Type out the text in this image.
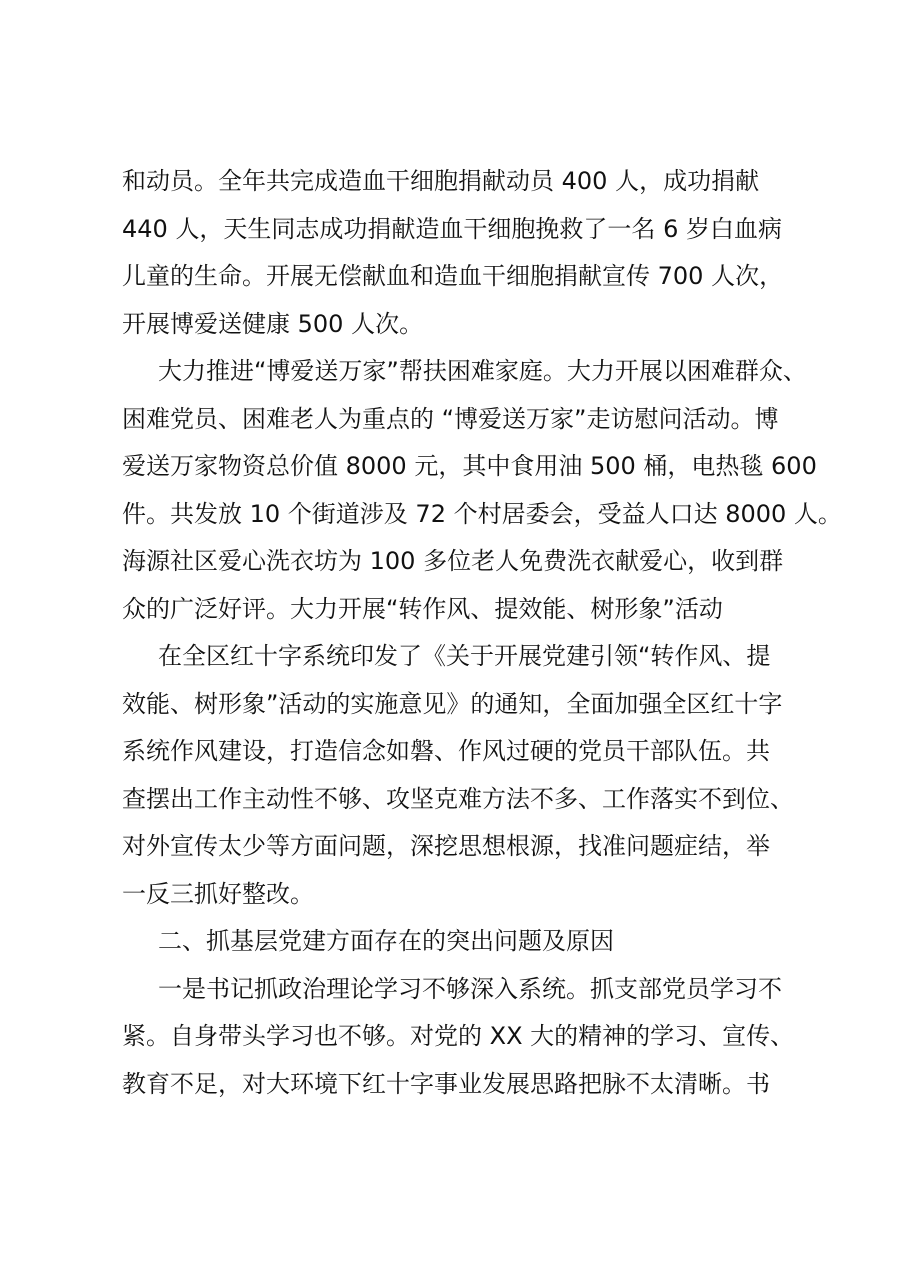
和动员。全年共完成造血干细胞捐献动员 400 人，成功捐献
440 人，天生同志成功捐献造血干细胞挽救了一名 6 岁白血病
儿童的生命。开展无偿献血和造血干细胞捐献宣传 700 人次，
开展博爱送健康 500 人次。

大力推进“博爱送万家”帮扶困难家庭。大力开展以困难群众、
困难党员、困难老人为重点的 “博爱送万家”走访慰问活动。博
爱送万家物资总价值 8000 元，其中食用油 500 桶，电热毯 600
件。共发放 10 个街道涉及 72 个村居委会，受益人口达 8000 人。
海源社区爱心洗衣坊为 100 多位老人免费洗衣献爱心，收到群
众的广泛好评。大力开展“转作风、提效能、树形象”活动

在全区红十字系统印发了《关于开展党建引领“转作风、提
效能、树形象”活动的实施意见》的通知，全面加强全区红十字
系统作风建设，打造信念如磐、作风过硬的党员干部队伍。共
查摆出工作主动性不够、攻坚克难方法不多、工作落实不到位、
对外宣传太少等方面问题，深挖思想根源，找准问题症结，举
一反三抓好整改。

二、抓基层党建方面存在的突出问题及原因

一是书记抓政治理论学习不够深入系统。抓支部党员学习不
紧。自身带头学习也不够。对党的 XX 大的精神的学习、宣传、
教育不足，对大环境下红十字事业发展思路把脉不太清晰。书
